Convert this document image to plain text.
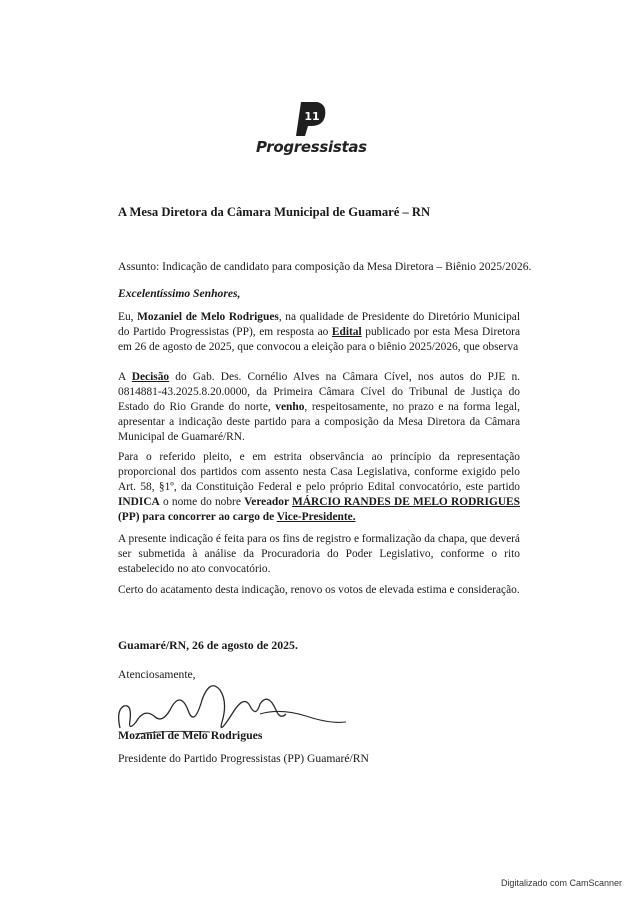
11
Progressistas
A Mesa Diretora da Câmara Municipal de Guamaré – RN
Assunto: Indicação de candidato para composição da Mesa Diretora – Biênio 2025/2026.
Excelentíssimo Senhores,
Eu, Mozaniel de Melo Rodrigues, na qualidade de Presidente do Diretório Municipal do Partido Progressistas (PP), em resposta ao Edital publicado por esta Mesa Diretora em 26 de agosto de 2025, que convocou a eleição para o biênio 2025/2026, que observa
A Decisão do Gab. Des. Cornélio Alves na Câmara Cível, nos autos do PJE n. 0814881-43.2025.8.20.0000, da Primeira Câmara Cível do Tribunal de Justiça do Estado do Rio Grande do norte, venho, respeitosamente, no prazo e na forma legal, apresentar a indicação deste partido para a composição da Mesa Diretora da Câmara Municipal de Guamaré/RN.
Para o referido pleito, e em estrita observância ao princípio da representação proporcional dos partidos com assento nesta Casa Legislativa, conforme exigido pelo Art. 58, §1º, da Constituição Federal e pelo próprio Edital convocatório, este partido INDICA o nome do nobre Vereador MÁRCIO RANDES DE MELO RODRIGUES (PP) para concorrer ao cargo de Vice-Presidente.
A presente indicação é feita para os fins de registro e formalização da chapa, que deverá ser submetida à análise da Procuradoria do Poder Legislativo, conforme o rito estabelecido no ato convocatório.
Certo do acatamento desta indicação, renovo os votos de elevada estima e consideração.
Guamaré/RN, 26 de agosto de 2025.
Atenciosamente,
Mozaniel de Melo Rodrigues
Presidente do Partido Progressistas (PP) Guamaré/RN
Digitalizado com CamScanner
